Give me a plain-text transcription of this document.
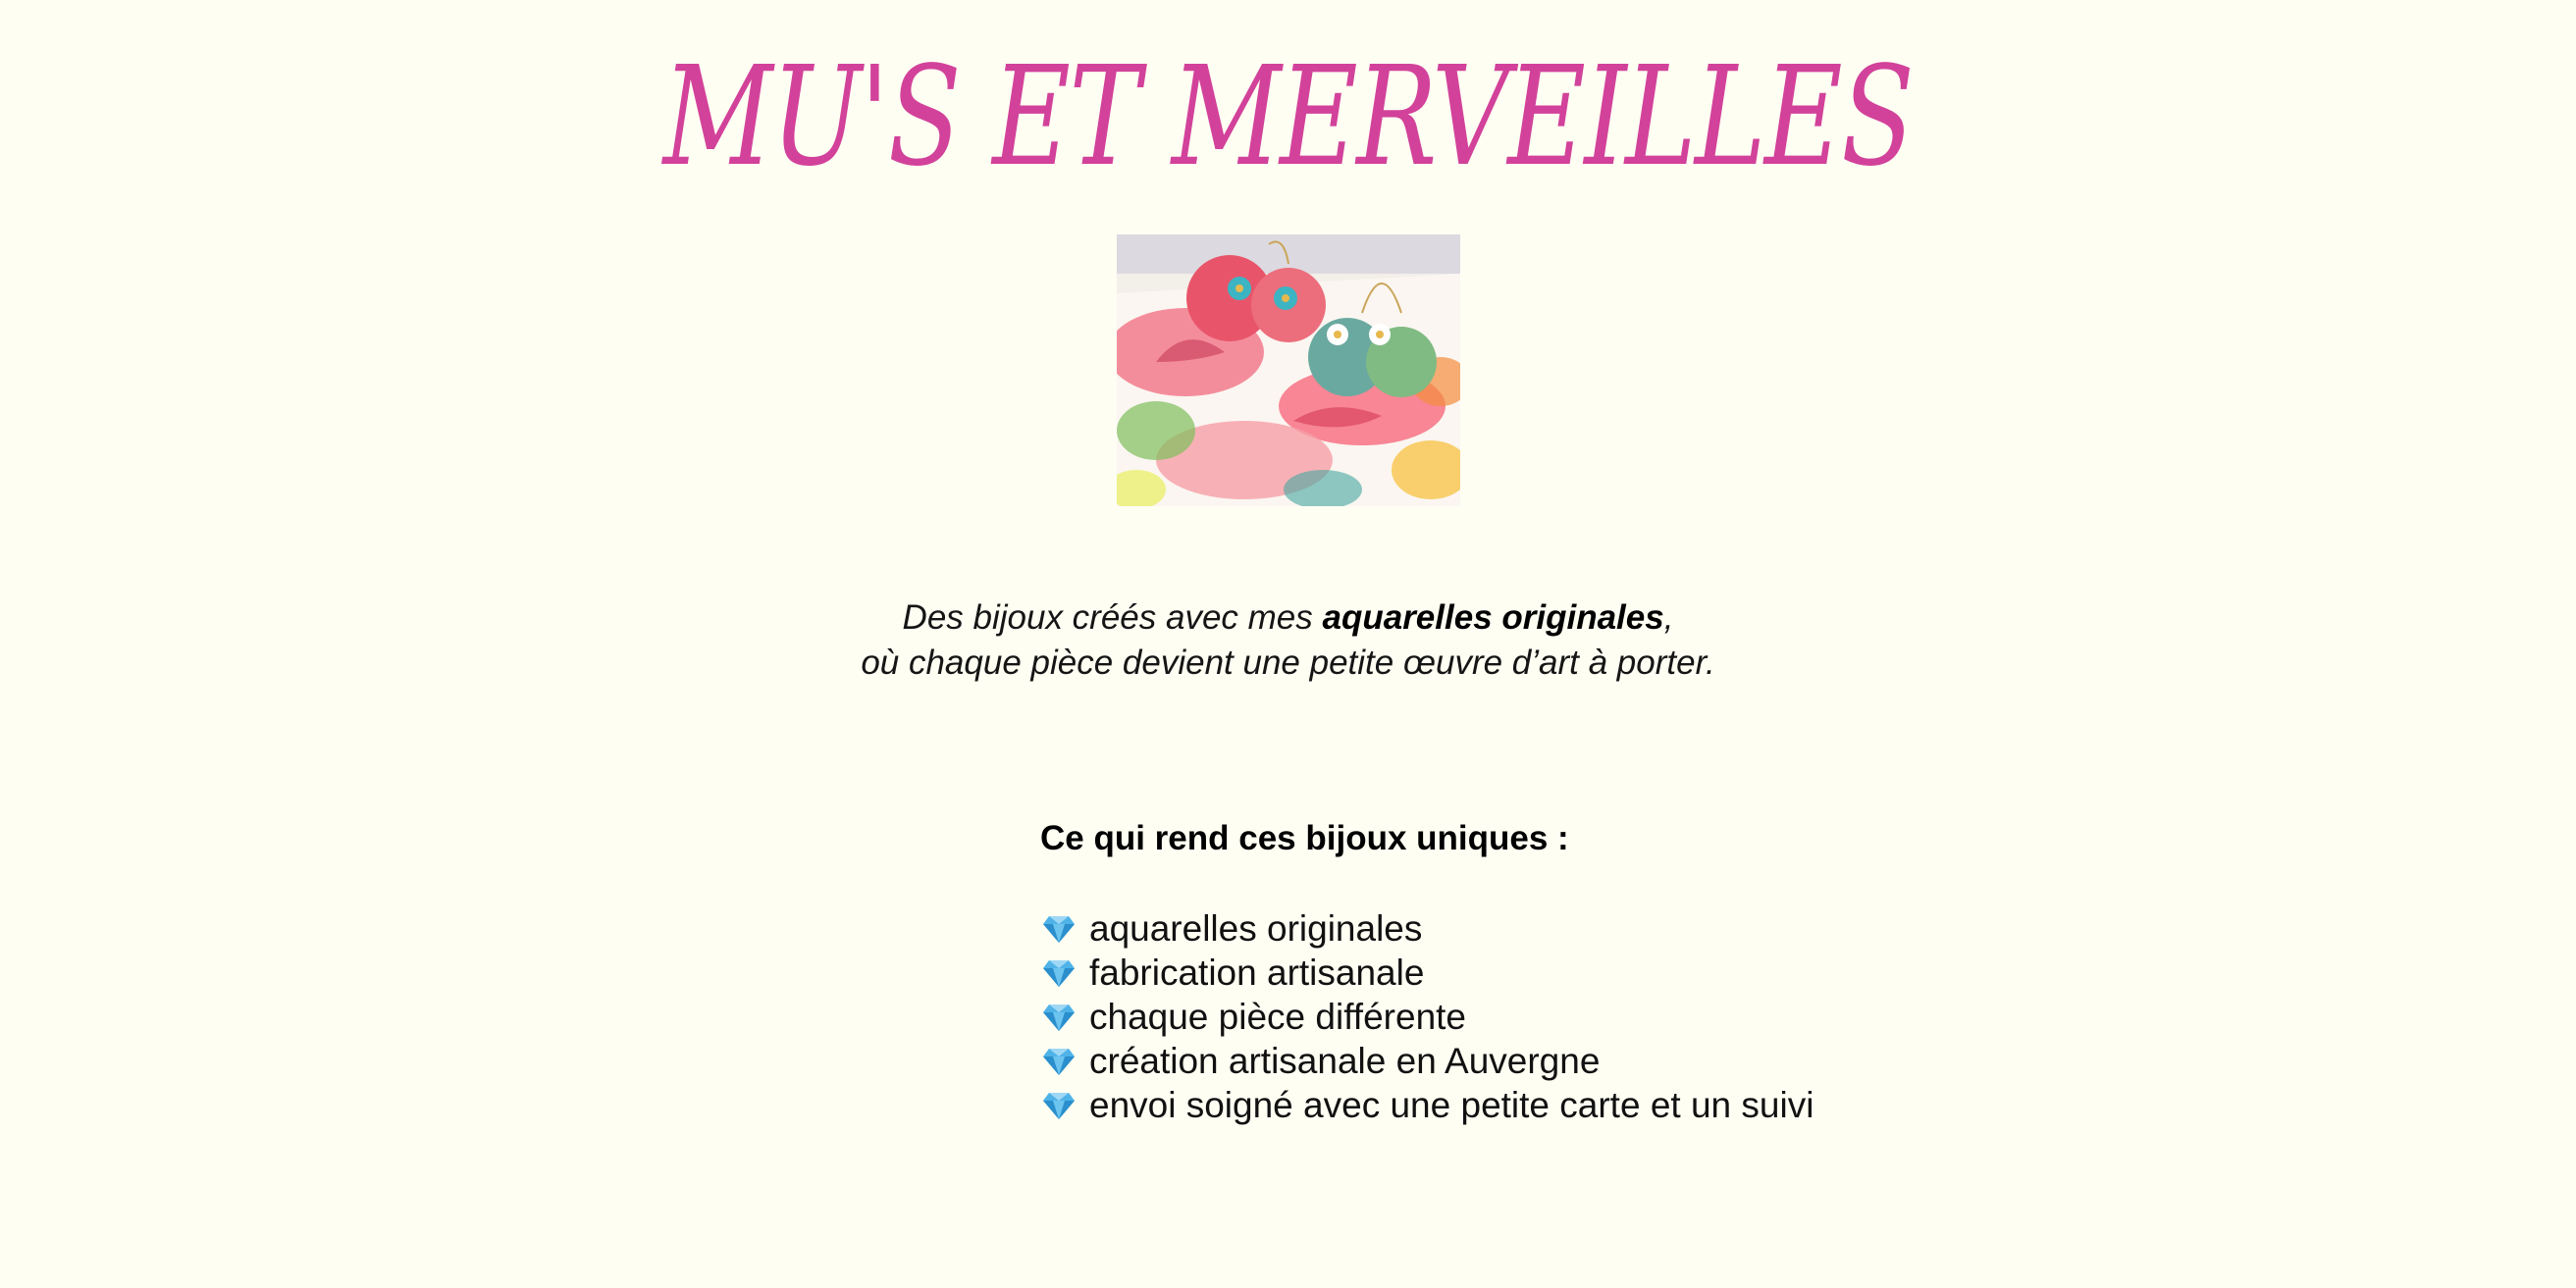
MU'S ET MERVEILLES
Des bijoux créés avec mes aquarelles originales,
où chaque pièce devient une petite œuvre d’art à porter.
Ce qui rend ces bijoux uniques :
aquarelles originales
fabrication artisanale
chaque pièce différente
création artisanale en Auvergne
envoi soigné avec une petite carte et un suivi
